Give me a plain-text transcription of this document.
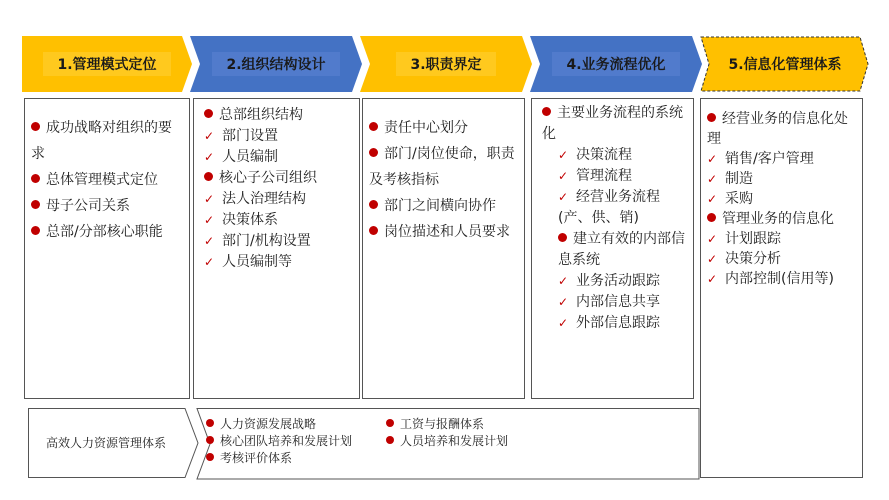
1.管理模式定位	2.组织结构设计	3.职责界定	4.业务流程优化	5.信息化管理体系
成功战略对组织的要求
总体管理模式定位
母子公司关系
总部/分部核心职能
总部组织结构
✓ 部门设置
✓ 人员编制
核心子公司组织
✓ 法人治理结构
✓ 决策体系
✓ 部门/机构设置
✓ 人员编制等
责任中心划分
部门/岗位使命，职责及考核指标
部门之间横向协作
岗位描述和人员要求
主要业务流程的系统化
✓ 决策流程
✓ 管理流程
✓ 经营业务流程(产、供、销)
建立有效的内部信息系统
✓ 业务活动跟踪
✓ 内部信息共享
✓ 外部信息跟踪
经营业务的信息化处理
✓ 销售/客户管理
✓ 制造
✓ 采购
管理业务的信息化
✓ 计划跟踪
✓ 决策分析
✓ 内部控制(信用等)
高效人力资源管理体系
人力资源发展战略
核心团队培养和发展计划
考核评价体系
工资与报酬体系
人员培养和发展计划
